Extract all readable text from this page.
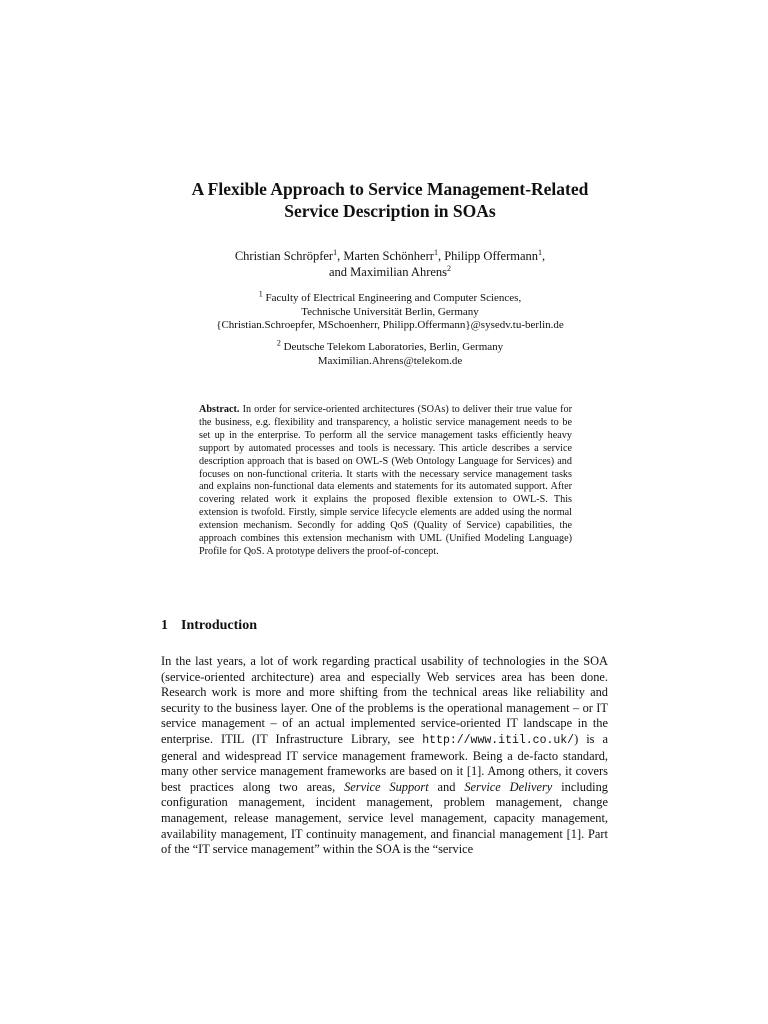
A Flexible Approach to Service Management-Related
Service Description in SOAs
Christian Schröpfer$^1$, Marten Schönherr$^1$, Philipp Offermann$^1$,
and Maximilian Ahrens$^2$
$^1$ Faculty of Electrical Engineering and Computer Sciences,
Technische Universität Berlin, Germany
{Christian.Schroepfer, MSchoenherr, Philipp.Offermann}@sysedv.tu-berlin.de
$^2$ Deutsche Telekom Laboratories, Berlin, Germany
Maximilian.Ahrens@telekom.de

Abstract. In order for service-oriented architectures (SOAs) to deliver their true value for the business, e.g. flexibility and transparency, a holistic service management needs to be set up in the enterprise. To perform all the service management tasks efficiently heavy support by automated processes and tools is necessary. This article describes a service description approach that is based on OWL-S (Web Ontology Language for Services) and focuses on non-functional criteria. It starts with the necessary service management tasks and explains non-functional data elements and statements for its automated support. After covering related work it explains the proposed flexible extension to OWL-S. This extension is twofold. Firstly, simple service lifecycle elements are added using the normal extension mechanism. Secondly for adding QoS (Quality of Service) capabilities, the approach combines this extension mechanism with UML (Unified Modeling Language) Profile for QoS. A prototype delivers the proof-of-concept.

1 Introduction

In the last years, a lot of work regarding practical usability of technologies in the SOA (service-oriented architecture) area and especially Web services area has been done. Research work is more and more shifting from the technical areas like reliability and security to the business layer. One of the problems is the operational management – or IT service management – of an actual implemented service-oriented IT landscape in the enterprise. ITIL (IT Infrastructure Library, see http://www.itil.co.uk/) is a general and widespread IT service management framework. Being a de-facto standard, many other service management frameworks are based on it [1]. Among others, it covers best practices along two areas, Service Support and Service Delivery including configuration management, incident management, problem management, change management, release management, service level management, capacity management, availability management, IT continuity management, and financial management [1]. Part of the “IT service management” within the SOA is the “service
